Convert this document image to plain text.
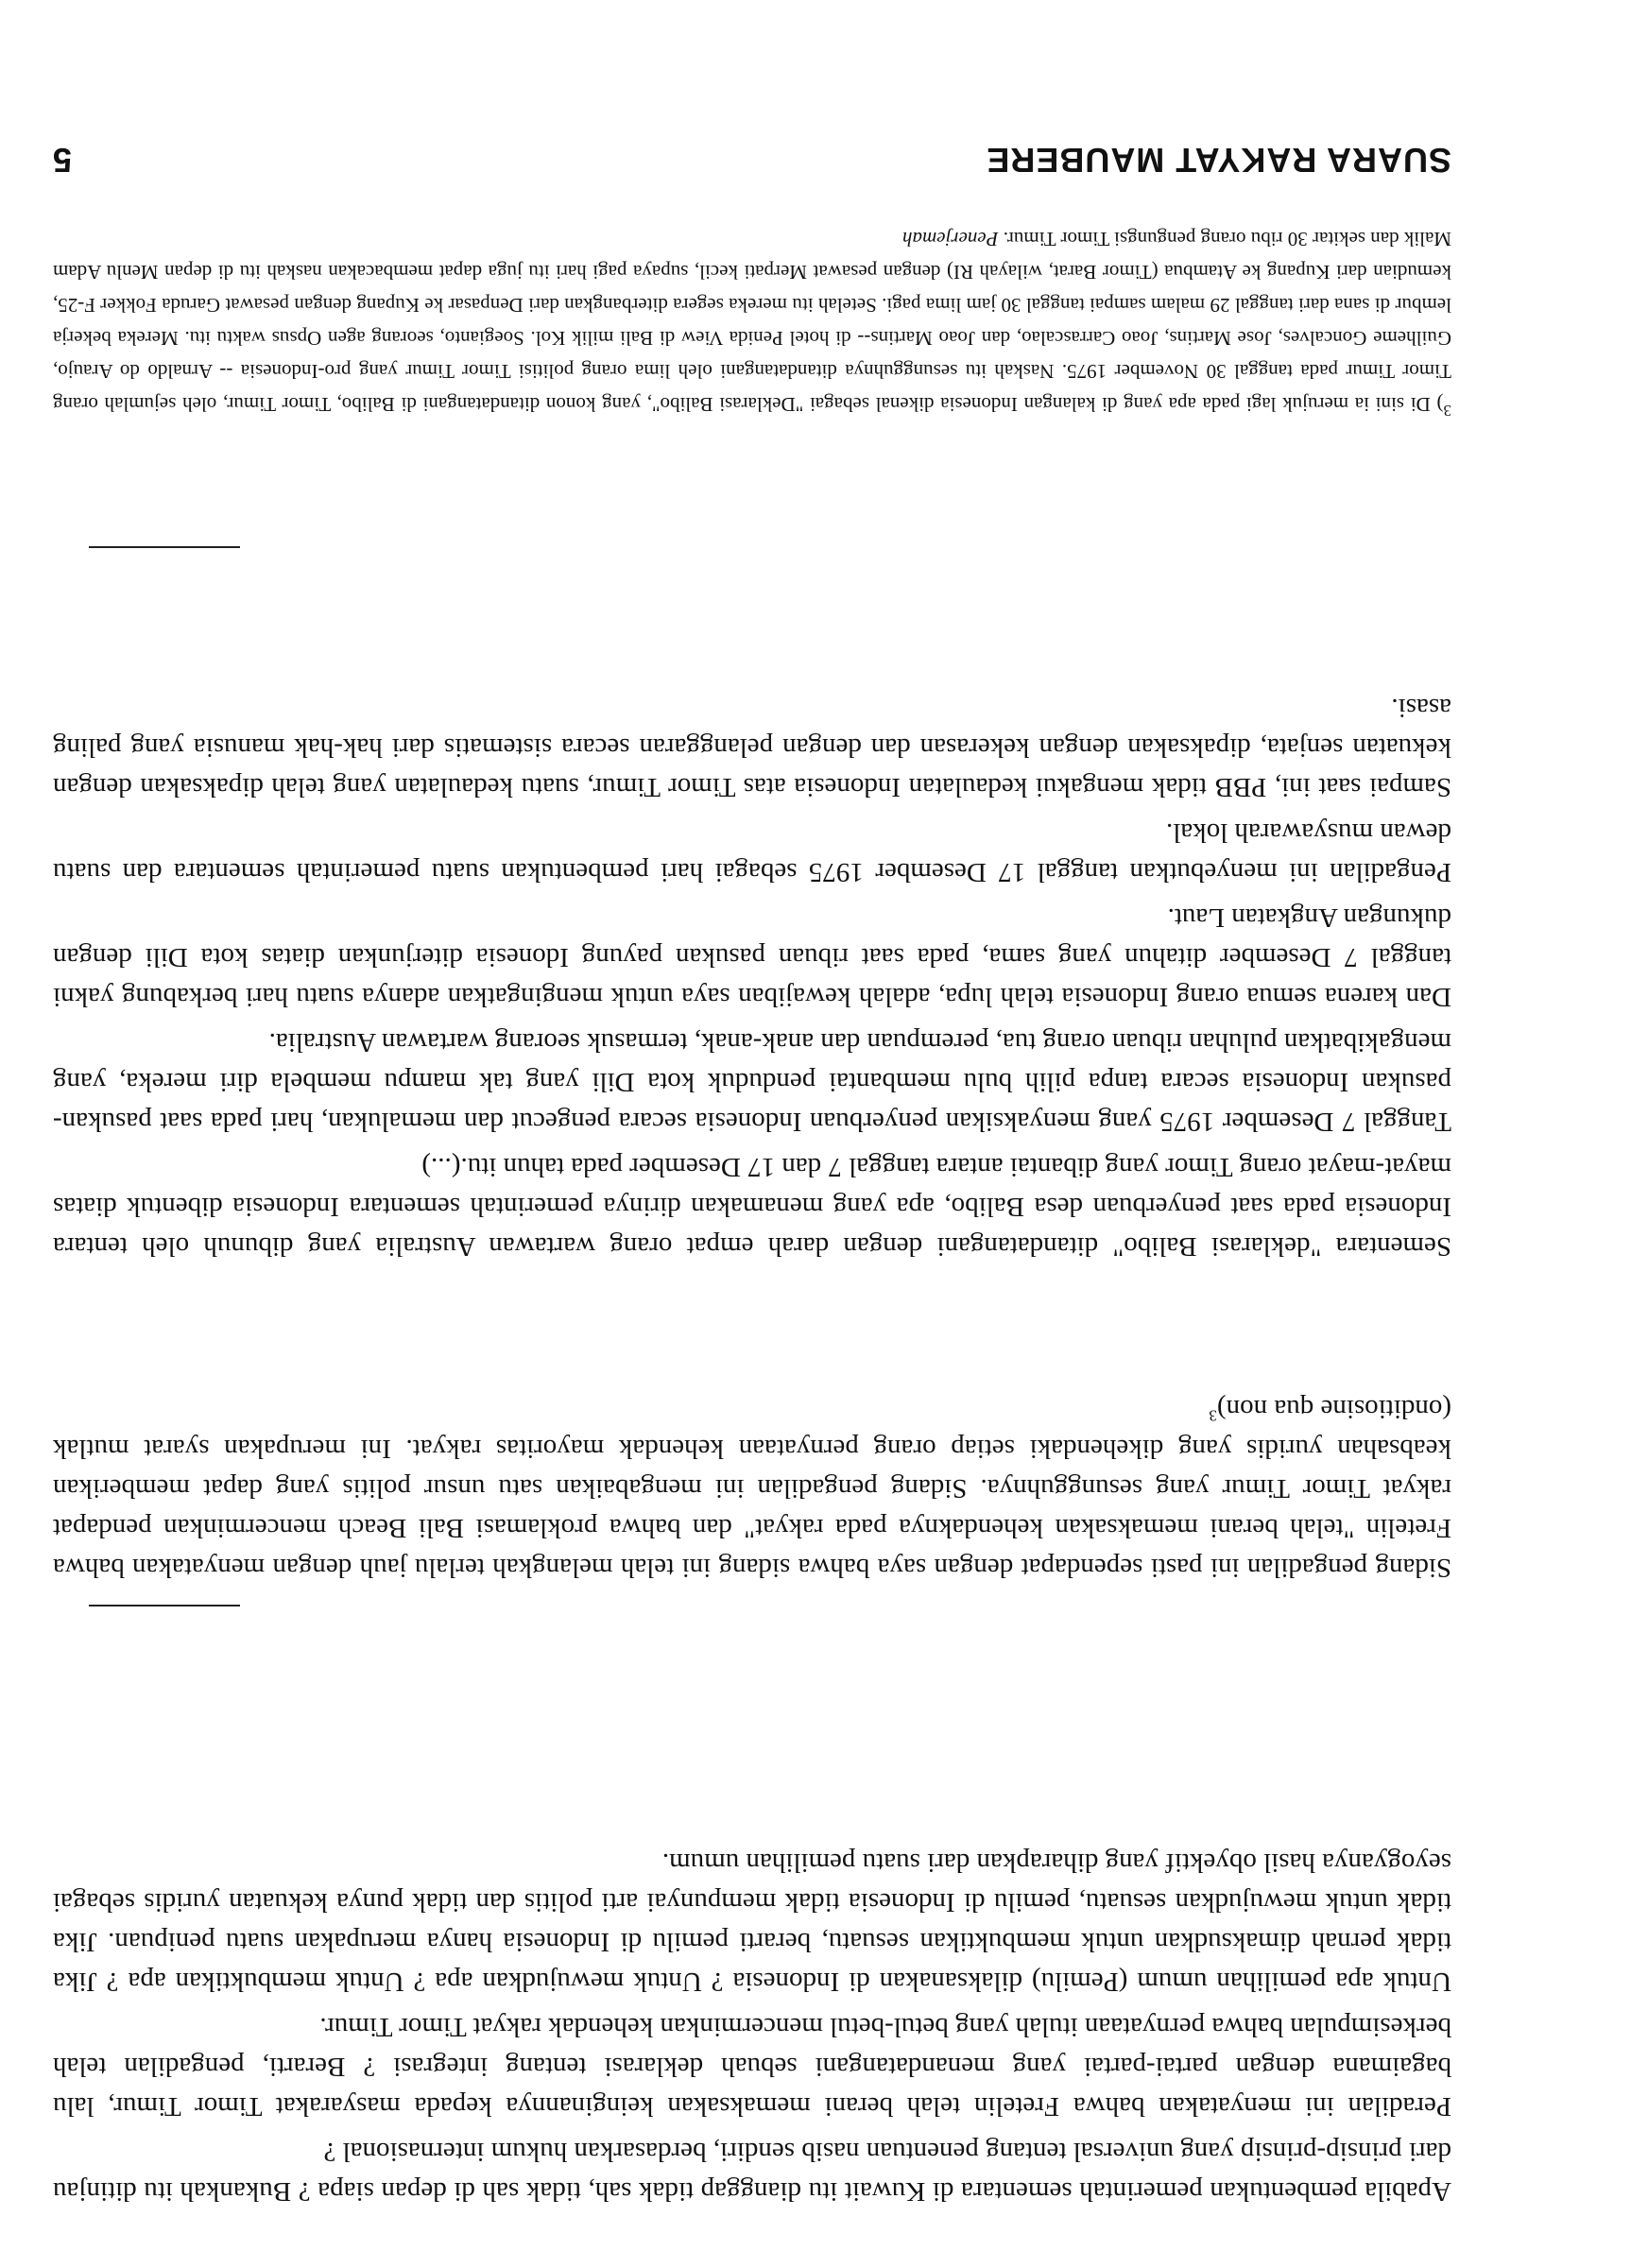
SUARA RAKYAT MAUBERE
5
$^3$) Di sini ia merujuk lagi pada apa yang di kalangan Indonesia dikenal sebagai "Deklarasi Balibo", yang konon ditandatangani di Balibo, Timor Timur, oleh sejumlah orang Timor Timur pada tanggal 30 November 1975. Naskah itu sesungguhnya ditandatangani oleh lima orang politisi Timor Timur yang pro-Indonesia -- Arnaldo do Araujo, Guilheme Goncalves, Jose Martins, Joao Carrascalao, dan Joao Martins-- di hotel Penida View di Bali milik Kol. Soegianto, seorang agen Opsus waktu itu. Mereka bekerja lembur di sana dari tanggal 29 malam sampai tanggal 30 jam lima pagi. Setelah itu mereka segera diterbangkan dari Denpasar ke Kupang dengan pesawat Garuda Fokker F-25, kemudian dari Kupang ke Atambua (Timor Barat, wilayah RI) dengan pesawat Merpati kecil, supaya pagi hari itu juga dapat membacakan naskah itu di depan Menlu Adam Malik dan sekitar 30 ribu orang pengungsi Timor Timur. Penerjemah

Sementara "deklarasi Balibo" ditandatangani dengan darah empat orang wartawan Australia yang dibunuh oleh tentara Indonesia pada saat penyerbuan desa Balibo, apa yang menamakan dirinya pemerintah sementara Indonesia dibentuk diatas mayat-mayat orang Timor yang dibantai antara tanggal 7 dan 17 Desember pada tahun itu.(...)

Tanggal 7 Desember 1975 yang menyaksikan penyerbuan Indonesia secara pengecut dan memalukan, hari pada saat pasukan-pasukan Indonesia secara tanpa pilih bulu membantai penduduk kota Dili yang tak mampu membela diri mereka, yang mengakibatkan puluhan ribuan orang tua, perempuan dan anak-anak, termasuk seorang wartawan Australia.

Dan karena semua orang Indonesia telah lupa, adalah kewajiban saya untuk mengingatkan adanya suatu hari berkabung yakni tanggal 7 Desember ditahun yang sama, pada saat ribuan pasukan payung Idonesia diterjunkan diatas kota Dili dengan dukungan Angkatan Laut.

Pengadilan ini menyebutkan tanggal 17 Desember 1975 sebagai hari pembentukan suatu pemerintah sementara dan suatu dewan musyawarah lokal.

Sampai saat ini, PBB tidak mengakui kedaulatan Indonesia atas Timor Timur, suatu kedaulatan yang telah dipaksakan dengan kekuatan senjata, dipaksakan dengan kekerasan dan dengan pelanggaran secara sistematis dari hak-hak manusia yang paling asasi.

Sidang pengadilan ini pasti sependapat dengan saya bahwa sidang ini telah melangkah terlalu jauh dengan menyatakan bahwa Fretelin "telah berani memaksakan kehendaknya pada rakyat" dan bahwa proklamasi Bali Beach mencerminkan pendapat rakyat Timor Timur yang sesungguhnya. Sidang pengadilan ini mengabaikan satu unsur politis yang dapat memberikan keabsahan yuridis yang dikehendaki setiap orang pernyataan kehendak mayoritas rakyat. Ini merupakan syarat mutlak (onditiosine qua non)$^3$

Apabila pembentukan pemerintah sementara di Kuwait itu dianggap tidak sah, tidak sah di depan siapa ? Bukankah itu ditinjau dari prinsip-prinsip yang universal tentang penentuan nasib sendiri, berdasarkan hukum internasional ?

Peradilan ini menyatakan bahwa Fretelin telah berani memaksakan keinginannya kepada masyarakat Timor Timur, lalu bagaimana dengan partai-partai yang menandatangani sebuah deklarasi tentang integrasi ? Berarti, pengadilan telah berkesimpulan bahwa pernyataan itulah yang betul-betul mencerminkan kehendak rakyat Timor Timur.

Untuk apa pemilihan umum (Pemilu) dilaksanakan di Indonesia ? Untuk mewujudkan apa ? Untuk membuktikan apa ? Jika tidak pernah dimaksudkan untuk membuktikan sesuatu, berarti pemilu di Indonesia hanya merupakan suatu penipuan. Jika tidak untuk mewujudkan sesuatu, pemilu di Indonesia tidak mempunyai arti politis dan tidak punya kekuatan yuridis sebagai seyogyanya hasil obyektif yang diharapkan dari suatu pemilihan umum.
